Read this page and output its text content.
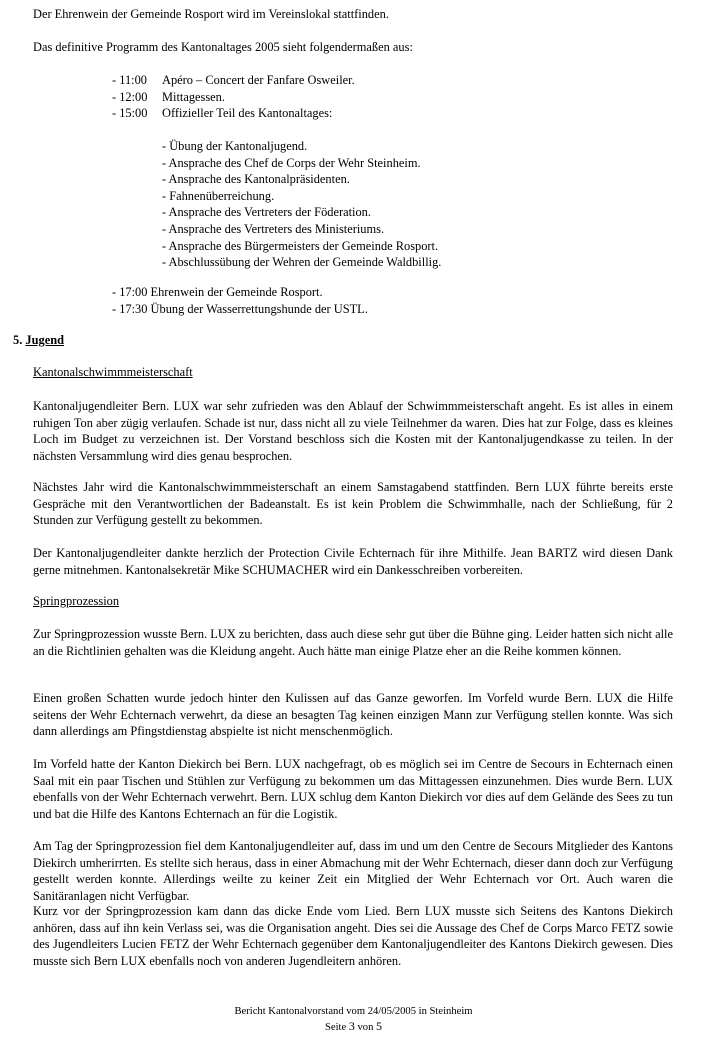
Der Ehrenwein der Gemeinde Rosport wird im Vereinslokal stattfinden.
Das definitive Programm des Kantonaltages 2005 sieht folgendermaßen aus:
- 11:00 Apéro – Concert der Fanfare Osweiler.
- 12:00 Mittagessen.
- 15:00 Offizieller Teil des Kantonaltages:
- Übung der Kantonaljugend.
- Ansprache des Chef de Corps der Wehr Steinheim.
- Ansprache des Kantonalpräsidenten.
- Fahnenüberreichung.
- Ansprache des Vertreters der Föderation.
- Ansprache des Vertreters des Ministeriums.
- Ansprache des Bürgermeisters der Gemeinde Rosport.
- Abschlussübung der Wehren der Gemeinde Waldbillig.
- 17:00 Ehrenwein der Gemeinde Rosport.
- 17:30 Übung der Wasserrettungshunde der USTL.
5. Jugend
Kantonalschwimmmeisterschaft
Kantonaljugendleiter Bern. LUX war sehr zufrieden was den Ablauf der Schwimmmeisterschaft angeht. Es ist alles in einem ruhigen Ton aber zügig verlaufen. Schade ist nur, dass nicht all zu viele Teilnehmer da waren. Dies hat zur Folge, dass es kleines Loch im Budget zu verzeichnen ist. Der Vorstand beschloss sich die Kosten mit der Kantonaljugendkasse zu teilen. In der nächsten Versammlung wird dies genau besprochen.
Nächstes Jahr wird die Kantonalschwimmmeisterschaft an einem Samstagabend stattfinden. Bern LUX führte bereits erste Gespräche mit den Verantwortlichen der Badeanstalt. Es ist kein Problem die Schwimmhalle, nach der Schließung, für 2 Stunden zur Verfügung gestellt zu bekommen.
Der Kantonaljugendleiter dankte herzlich der Protection Civile Echternach für ihre Mithilfe. Jean BARTZ wird diesen Dank gerne mitnehmen. Kantonalsekretär Mike SCHUMACHER wird ein Dankesschreiben vorbereiten.
Springprozession
Zur Springprozession wusste Bern. LUX zu berichten, dass auch diese sehr gut über die Bühne ging. Leider hatten sich nicht alle an die Richtlinien gehalten was die Kleidung angeht. Auch hätte man einige Platze eher an die Reihe kommen können.
Einen großen Schatten wurde jedoch hinter den Kulissen auf das Ganze geworfen. Im Vorfeld wurde Bern. LUX die Hilfe seitens der Wehr Echternach verwehrt, da diese an besagten Tag keinen einzigen Mann zur Verfügung stellen konnte. Was sich dann allerdings am Pfingstdienstag abspielte ist nicht menschenmöglich.
Im Vorfeld hatte der Kanton Diekirch bei Bern. LUX nachgefragt, ob es möglich sei im Centre de Secours in Echternach einen Saal mit ein paar Tischen und Stühlen zur Verfügung zu bekommen um das Mittagessen einzunehmen. Dies wurde Bern. LUX ebenfalls von der Wehr Echternach verwehrt. Bern. LUX schlug dem Kanton Diekirch vor dies auf dem Gelände des Sees zu tun und bat die Hilfe des Kantons Echternach an für die Logistik.
Am Tag der Springprozession fiel dem Kantonaljugendleiter auf, dass im und um den Centre de Secours Mitglieder des Kantons Diekirch umherirrten. Es stellte sich heraus, dass in einer Abmachung mit der Wehr Echternach, dieser dann doch zur Verfügung gestellt werden konnte. Allerdings weilte zu keiner Zeit ein Mitglied der Wehr Echternach vor Ort. Auch waren die Sanitäranlagen nicht Verfügbar.
Kurz vor der Springprozession kam dann das dicke Ende vom Lied. Bern LUX musste sich Seitens des Kantons Diekirch anhören, dass auf ihn kein Verlass sei, was die Organisation angeht. Dies sei die Aussage des Chef de Corps Marco FETZ sowie des Jugendleiters Lucien FETZ der Wehr Echternach gegenüber dem Kantonaljugendleiter des Kantons Diekirch gewesen. Dies musste sich Bern LUX ebenfalls noch von anderen Jugendleitern anhören.
Bericht Kantonalvorstand vom 24/05/2005 in Steinheim
Seite 3 von 5
